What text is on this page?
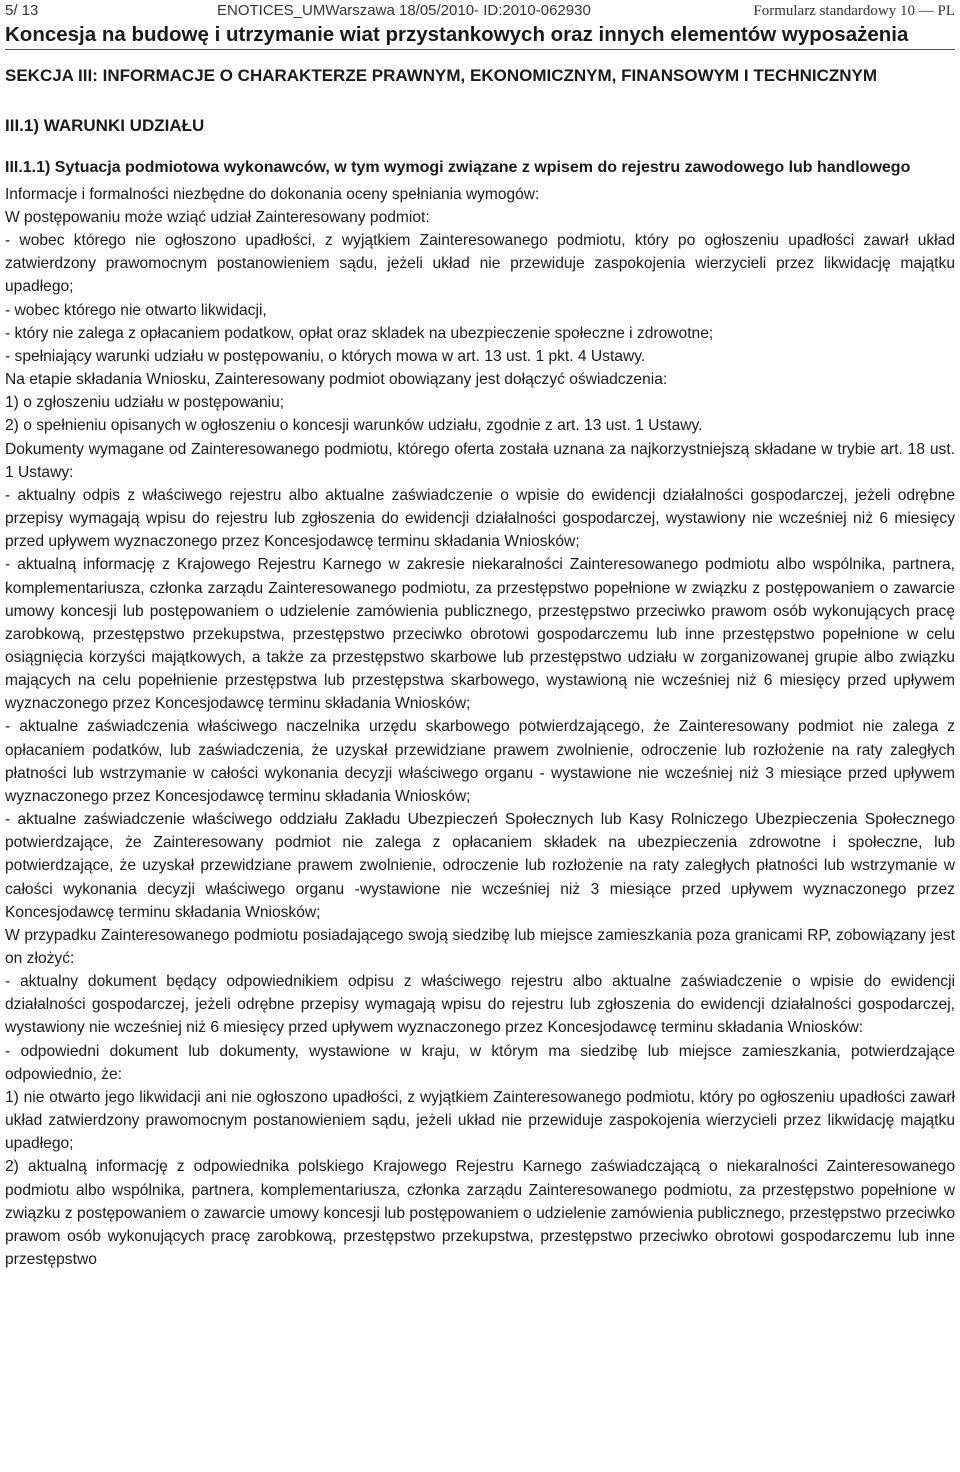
5/ 13	ENOTICES_UMWarszawa 18/05/2010- ID:2010-062930	Formularz standardowy 10 — PL
Koncesja na budowę i utrzymanie wiat przystankowych oraz innych elementów wyposażenia
SEKCJA III: INFORMACJE O CHARAKTERZE PRAWNYM, EKONOMICZNYM, FINANSOWYM I TECHNICZNYM
III.1) WARUNKI UDZIAŁU
III.1.1) Sytuacja podmiotowa wykonawców, w tym wymogi związane z wpisem do rejestru zawodowego lub handlowego
Informacje i formalności niezbędne do dokonania oceny spełniania wymogów:

W postępowaniu może wziąć udział Zainteresowany podmiot:

- wobec którego nie ogłoszono upadłości, z wyjątkiem Zainteresowanego podmiotu, który po ogłoszeniu upadłości zawarł układ zatwierdzony prawomocnym postanowieniem sądu, jeżeli układ nie przewiduje zaspokojenia wierzycieli przez likwidację majątku upadłego;

- wobec którego nie otwarto likwidacji,

- który nie zalega z opłacaniem podatkow, opłat oraz skladek na ubezpieczenie społeczne i zdrowotne;

- spełniający warunki udziału w postępowaniu, o których mowa w art. 13 ust. 1 pkt. 4 Ustawy.

Na etapie składania Wniosku, Zainteresowany podmiot obowiązany jest dołączyć oświadczenia:

1) o zgłoszeniu udziału w postępowaniu;

2) o spełnieniu opisanych w ogłoszeniu o koncesji warunków udziału, zgodnie z art. 13 ust. 1 Ustawy.

Dokumenty wymagane od Zainteresowanego podmiotu, którego oferta została uznana za najkorzystniejszą składane w trybie art. 18 ust. 1 Ustawy:

- aktualny odpis z właściwego rejestru albo aktualne zaświadczenie o wpisie do ewidencji działalności gospodarczej, jeżeli odrębne przepisy wymagają wpisu do rejestru lub zgłoszenia do ewidencji działalności gospodarczej, wystawiony nie wcześniej niż 6 miesięcy przed upływem wyznaczonego przez Koncesjodawcę terminu składania Wniosków;

- aktualną informację z Krajowego Rejestru Karnego w zakresie niekaralności Zainteresowanego podmiotu albo wspólnika, partnera, komplementariusza, członka zarządu Zainteresowanego podmiotu, za przestępstwo popełnione w związku z postępowaniem o zawarcie umowy koncesji lub postępowaniem o udzielenie zamówienia publicznego, przestępstwo przeciwko prawom osób wykonujących pracę zarobkową, przestępstwo przekupstwa, przestępstwo przeciwko obrotowi gospodarczemu lub inne przestępstwo popełnione w celu osiągnięcia korzyści majątkowych, a także za przestępstwo skarbowe lub przestępstwo udziału w zorganizowanej grupie albo związku mających na celu popełnienie przestępstwa lub przestępstwa skarbowego, wystawioną nie wcześniej niż 6 miesięcy przed upływem wyznaczonego przez Koncesjodawcę terminu składania Wniosków;

- aktualne zaświadczenia właściwego naczelnika urzędu skarbowego potwierdzającego, że Zainteresowany podmiot nie zalega z opłacaniem podatków, lub zaświadczenia, że uzyskał przewidziane prawem zwolnienie, odroczenie lub rozłożenie na raty zaległych płatności lub wstrzymanie w całości wykonania decyzji właściwego organu - wystawione nie wcześniej niż 3 miesiące przed upływem wyznaczonego przez Koncesjodawcę terminu składania Wniosków;

- aktualne zaświadczenie właściwego oddziału Zakładu Ubezpieczeń Społecznych lub Kasy Rolniczego Ubezpieczenia Społecznego potwierdzające, że Zainteresowany podmiot nie zalega z opłacaniem składek na ubezpieczenia zdrowotne i społeczne, lub potwierdzające, że uzyskał przewidziane prawem zwolnienie, odroczenie lub rozłożenie na raty zaległych płatności lub wstrzymanie w całości wykonania decyzji właściwego organu -wystawione nie wcześniej niż 3 miesiące przed upływem wyznaczonego przez Koncesjodawcę terminu składania Wniosków;

W przypadku Zainteresowanego podmiotu posiadającego swoją siedzibę lub miejsce zamieszkania poza granicami RP, zobowiązany jest on złożyć:

- aktualny dokument będący odpowiednikiem odpisu z właściwego rejestru albo aktualne zaświadczenie o wpisie do ewidencji działalności gospodarczej, jeżeli odrębne przepisy wymagają wpisu do rejestru lub zgłoszenia do ewidencji działalności gospodarczej, wystawiony nie wcześniej niż 6 miesięcy przed upływem wyznaczonego przez Koncesjodawcę terminu składania Wniosków:

- odpowiedni dokument lub dokumenty, wystawione w kraju, w którym ma siedzibę lub miejsce zamieszkania, potwierdzające odpowiednio, że:

1) nie otwarto jego likwidacji ani nie ogłoszono upadłości, z wyjątkiem Zainteresowanego podmiotu, który po ogłoszeniu upadłości zawarł układ zatwierdzony prawomocnym postanowieniem sądu, jeżeli układ nie przewiduje zaspokojenia wierzycieli przez likwidację majątku upadłego;

2) aktualną informację z odpowiednika polskiego Krajowego Rejestru Karnego zaświadczającą o niekaralności Zainteresowanego podmiotu albo wspólnika, partnera, komplementariusza, członka zarządu Zainteresowanego podmiotu, za przestępstwo popełnione w związku z postępowaniem o zawarcie umowy koncesji lub postępowaniem o udzielenie zamówienia publicznego, przestępstwo przeciwko prawom osób wykonujących pracę zarobkową, przestępstwo przekupstwa, przestępstwo przeciwko obrotowi gospodarczemu lub inne przestępstwo
